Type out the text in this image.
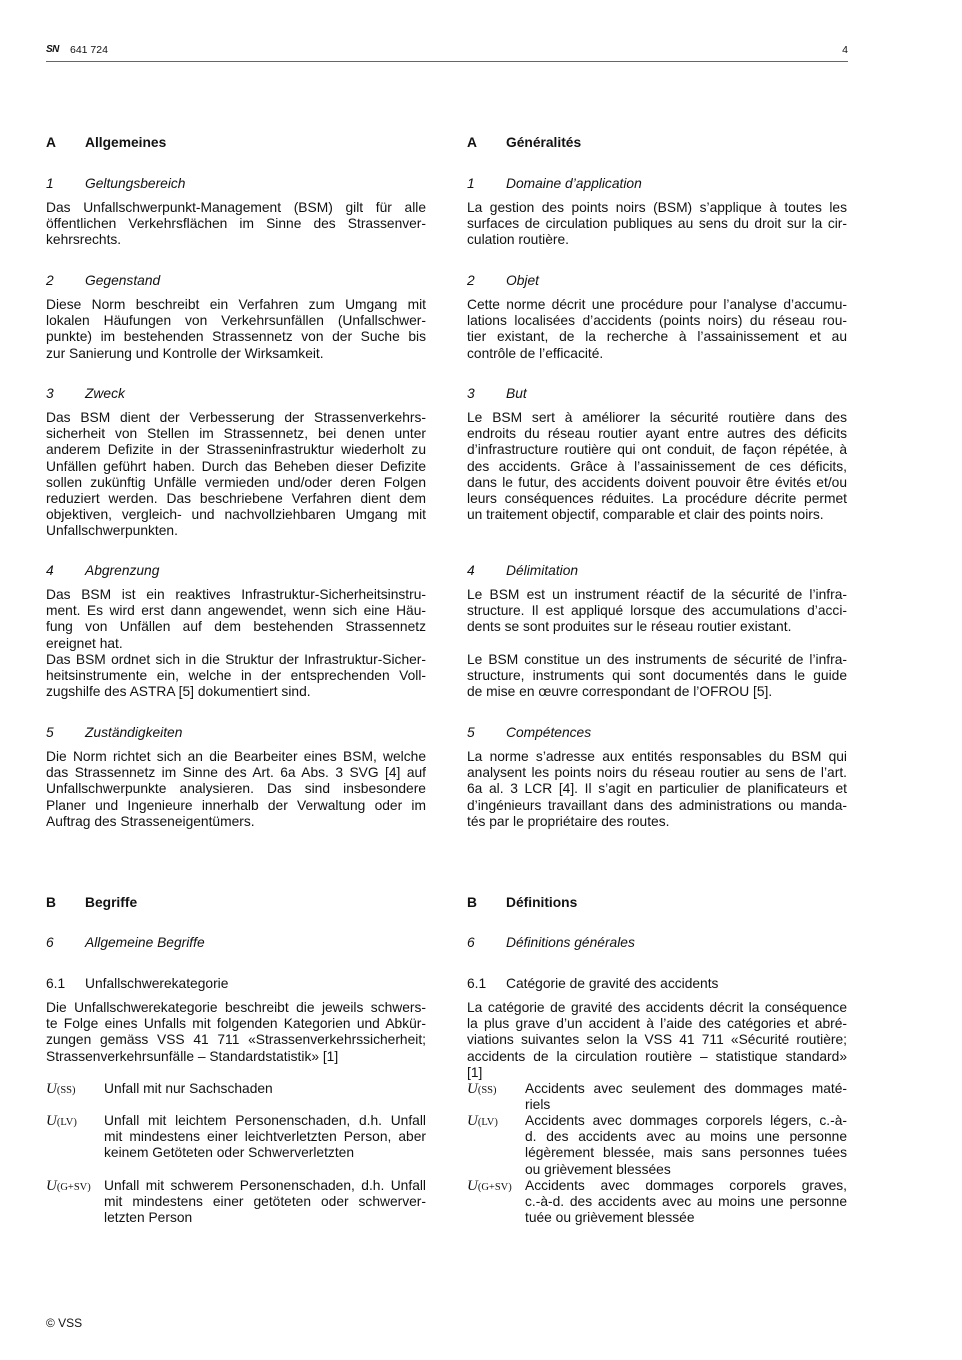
SN 641 724	4
A Allgemeines
1 Geltungsbereich
Das Unfallschwerpunkt-Management (BSM) gilt für alle
öffentlichen Verkehrsflächen im Sinne des Strassenver-
kehrsrechts.
2 Gegenstand
Diese Norm beschreibt ein Verfahren zum Umgang mit
lokalen Häufungen von Verkehrsunfällen (Unfallschwer-
punkte) im bestehenden Strassennetz von der Suche bis
zur Sanierung und Kontrolle der Wirksamkeit.
3 Zweck
Das BSM dient der Verbesserung der Strassenverkehrs-
sicherheit von Stellen im Strassennetz, bei denen unter
anderem Defizite in der Strasseninfrastruktur wiederholt zu
Unfällen geführt haben. Durch das Beheben dieser Defizite
sollen zukünftig Unfälle vermieden und/oder deren Folgen
reduziert werden. Das beschriebene Verfahren dient dem
objektiven, vergleich- und nachvollziehbaren Umgang mit
Unfallschwerpunkten.
4 Abgrenzung
Das BSM ist ein reaktives Infrastruktur-Sicherheitsinstru-
ment. Es wird erst dann angewendet, wenn sich eine Häu-
fung von Unfällen auf dem bestehenden Strassennetz
ereignet hat.
Das BSM ordnet sich in die Struktur der Infrastruktur-Sicher-
heitsinstrumente ein, welche in der entsprechenden Voll-
zugshilfe des ASTRA [5] dokumentiert sind.
5 Zuständigkeiten
Die Norm richtet sich an die Bearbeiter eines BSM, welche
das Strassennetz im Sinne des Art. 6a Abs. 3 SVG [4] auf
Unfallschwerpunkte analysieren. Das sind insbesondere
Planer und Ingenieure innerhalb der Verwaltung oder im
Auftrag des Strasseneigentümers.
B Begriffe
6 Allgemeine Begriffe
6.1 Unfallschwerekategorie
Die Unfallschwerekategorie beschreibt die jeweils schwers-
te Folge eines Unfalls mit folgenden Kategorien und Abkür-
zungen gemäss VSS 41 711 «Strassenverkehrssicherheit;
Strassenverkehrsunfälle – Standardstatistik» [1]
U(SS)	Unfall mit nur Sachschaden
U(LV)	Unfall mit leichtem Personenschaden, d.h. Unfall
mit mindestens einer leichtverletzten Person, aber
keinem Getöteten oder Schwerverletzten
U(G+SV) Unfall mit schwerem Personenschaden, d.h. Unfall
mit mindestens einer getöteten oder schwerver-
letzten Person
A Généralités
1 Domaine d’application
La gestion des points noirs (BSM) s’applique à toutes les
surfaces de circulation publiques au sens du droit sur la cir-
culation routière.
2 Objet
Cette norme décrit une procédure pour l’analyse d’accumu-
lations localisées d’accidents (points noirs) du réseau rou-
tier existant, de la recherche à l’assainissement et au
contrôle de l’efficacité.
3 But
Le BSM sert à améliorer la sécurité routière dans des
endroits du réseau routier ayant entre autres des déficits
d’infrastructure routière qui ont conduit, de façon répétée, à
des accidents. Grâce à l’assainissement de ces déficits,
dans le futur, des accidents doivent pouvoir être évités et/ou
leurs conséquences réduites. La procédure décrite permet
un traitement objectif, comparable et clair des points noirs.
4 Délimitation
Le BSM est un instrument réactif de la sécurité de l’infra-
structure. Il est appliqué lorsque des accumulations d’acci-
dents se sont produites sur le réseau routier existant.
Le BSM constitue un des instruments de sécurité de l’infra-
structure, instruments qui sont documentés dans le guide
de mise en œuvre correspondant de l’OFROU [5].
5 Compétences
La norme s’adresse aux entités responsables du BSM qui
analysent les points noirs du réseau routier au sens de l’art.
6a al. 3 LCR [4]. Il s’agit en particulier de planificateurs et
d’ingénieurs travaillant dans des administrations ou manda-
tés par le propriétaire des routes.
B Définitions
6 Définitions générales
6.1 Catégorie de gravité des accidents
La catégorie de gravité des accidents décrit la conséquence
la plus grave d’un accident à l’aide des catégories et abré-
viations suivantes selon la VSS 41 711 «Sécurité routière;
accidents de la circulation routière – statistique standard»
[1]
U(SS)	Accidents avec seulement des dommages maté-
riels
U(LV)	Accidents avec dommages corporels légers, c.-à-
d. des accidents avec au moins une personne
légèrement blessée, mais sans personnes tuées
ou grièvement blessées
U(G+SV) Accidents avec dommages corporels graves,
c.-à-d. des accidents avec au moins une personne
tuée ou grièvement blessée
© VSS
